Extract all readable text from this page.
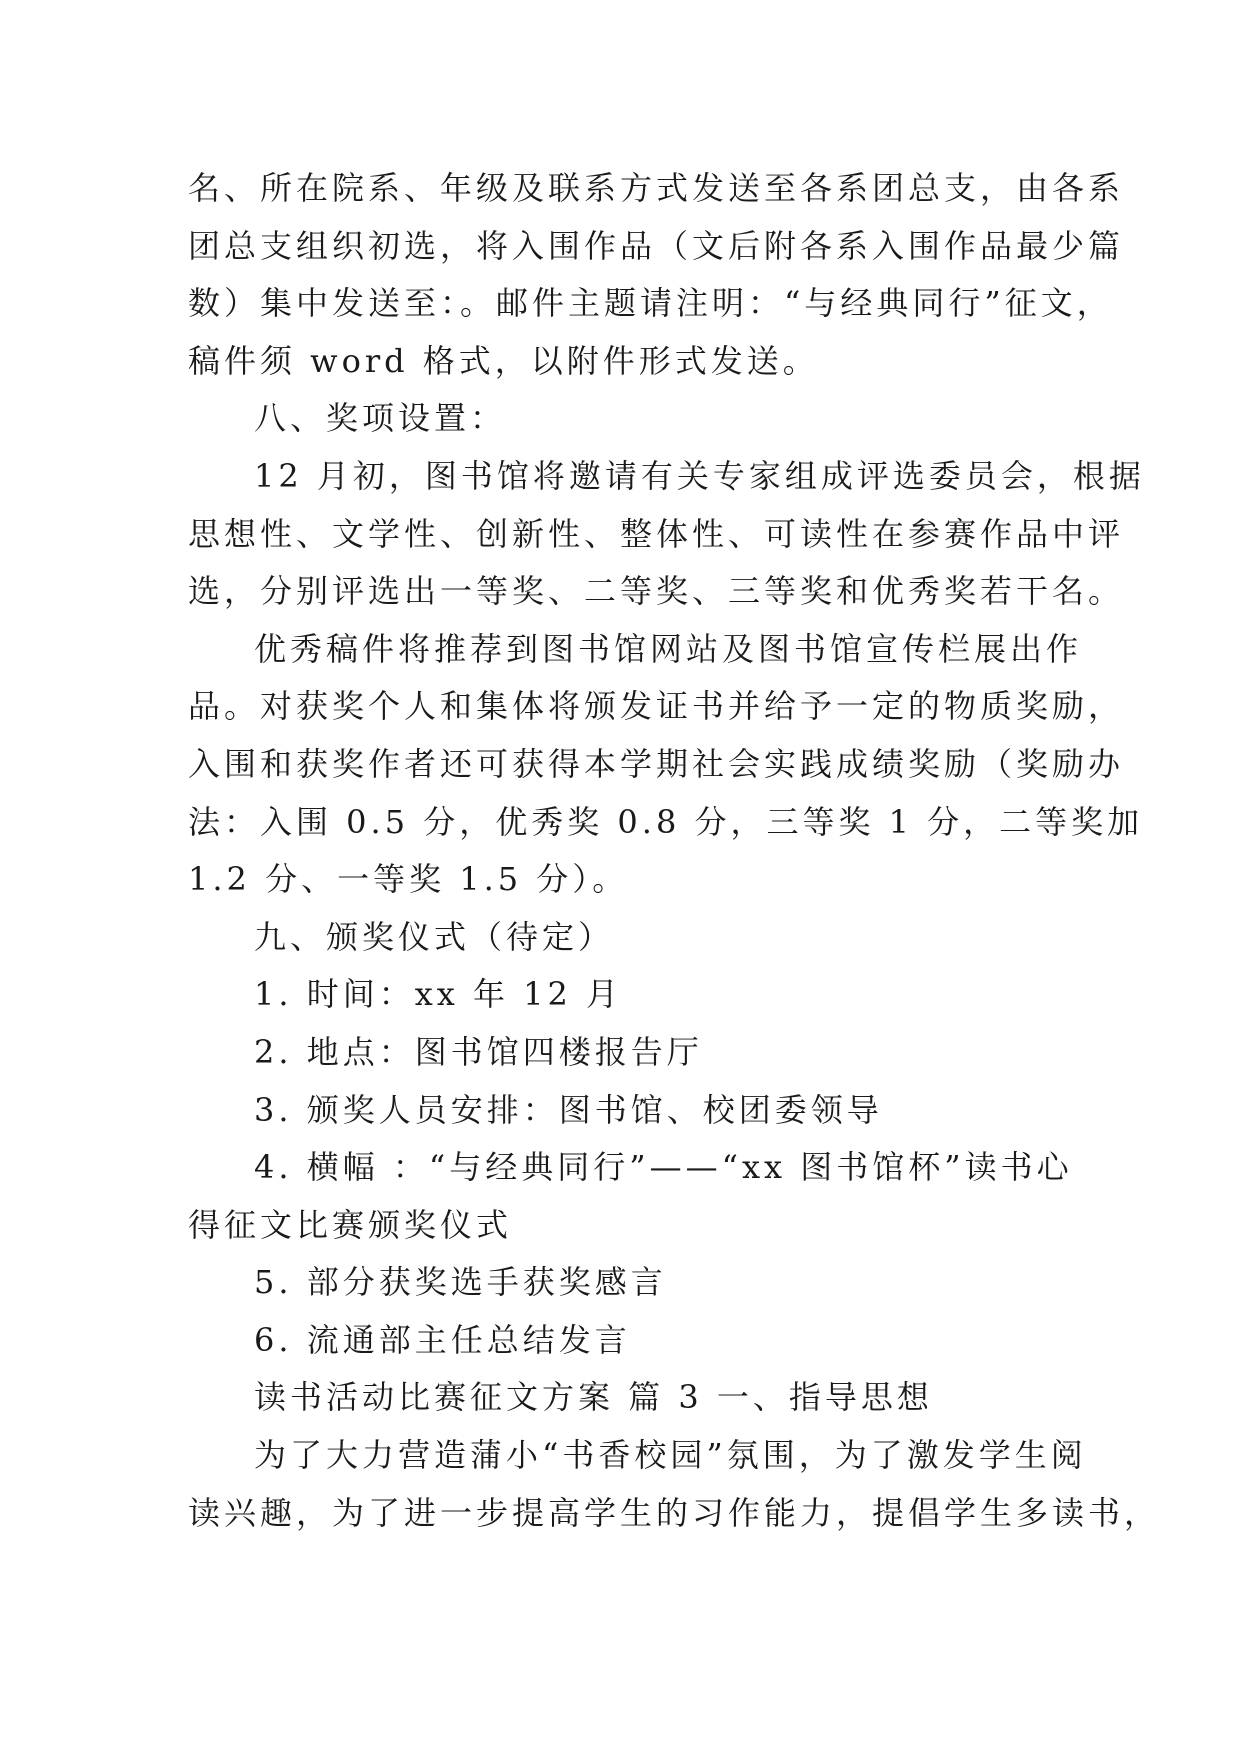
名、所在院系、年级及联系方式发送至各系团总支，由各系
团总支组织初选，将入围作品（文后附各系入围作品最少篇
数）集中发送至：。邮件主题请注明：“与经典同行”征文，
稿件须 word 格式，以附件形式发送。
八、奖项设置：
12 月初，图书馆将邀请有关专家组成评选委员会，根据
思想性、文学性、创新性、整体性、可读性在参赛作品中评
选，分别评选出一等奖、二等奖、三等奖和优秀奖若干名。
优秀稿件将推荐到图书馆网站及图书馆宣传栏展出作
品。对获奖个人和集体将颁发证书并给予一定的物质奖励，
入围和获奖作者还可获得本学期社会实践成绩奖励（奖励办
法：入围 0.5 分，优秀奖 0.8 分，三等奖 1 分，二等奖加
1.2 分、一等奖 1.5 分）。
九、颁奖仪式（待定）
1. 时间：xx 年 12 月
2. 地点：图书馆四楼报告厅
3. 颁奖人员安排：图书馆、校团委领导
4. 横幅 ：“与经典同行”——“xx 图书馆杯”读书心
得征文比赛颁奖仪式
5. 部分获奖选手获奖感言
6. 流通部主任总结发言
读书活动比赛征文方案 篇 3 一、指导思想
为了大力营造蒲小“书香校园”氛围，为了激发学生阅
读兴趣，为了进一步提高学生的习作能力，提倡学生多读书，
